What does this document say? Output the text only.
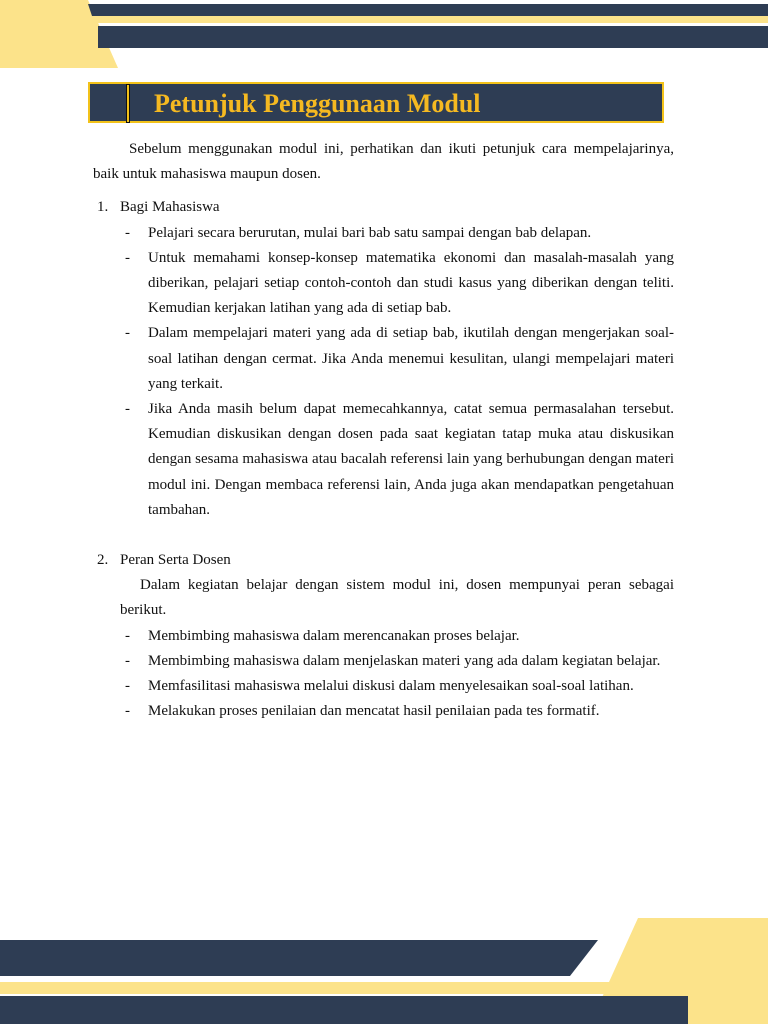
Petunjuk Penggunaan Modul

Sebelum menggunakan modul ini, perhatikan dan ikuti petunjuk cara mempelajarinya, baik untuk mahasiswa maupun dosen.

1. Bagi Mahasiswa
- Pelajari secara berurutan, mulai bari bab satu sampai dengan bab delapan.
- Untuk memahami konsep-konsep matematika ekonomi dan masalah-masalah yang diberikan, pelajari setiap contoh-contoh dan studi kasus yang diberikan dengan teliti. Kemudian kerjakan latihan yang ada di setiap bab.
- Dalam mempelajari materi yang ada di setiap bab, ikutilah dengan mengerjakan soal-soal latihan dengan cermat. Jika Anda menemui kesulitan, ulangi mempelajari materi yang terkait.
- Jika Anda masih belum dapat memecahkannya, catat semua permasalahan tersebut. Kemudian diskusikan dengan dosen pada saat kegiatan tatap muka atau diskusikan dengan sesama mahasiswa atau bacalah referensi lain yang berhubungan dengan materi modul ini. Dengan membaca referensi lain, Anda juga akan mendapatkan pengetahuan tambahan.
2. Peran Serta Dosen

Dalam kegiatan belajar dengan sistem modul ini, dosen mempunyai peran sebagai berikut.

- Membimbing mahasiswa dalam merencanakan proses belajar.
- Membimbing mahasiswa dalam menjelaskan materi yang ada dalam kegiatan belajar.
- Memfasilitasi mahasiswa melalui diskusi dalam menyelesaikan soal-soal latihan.
- Melakukan proses penilaian dan mencatat hasil penilaian pada tes formatif.
